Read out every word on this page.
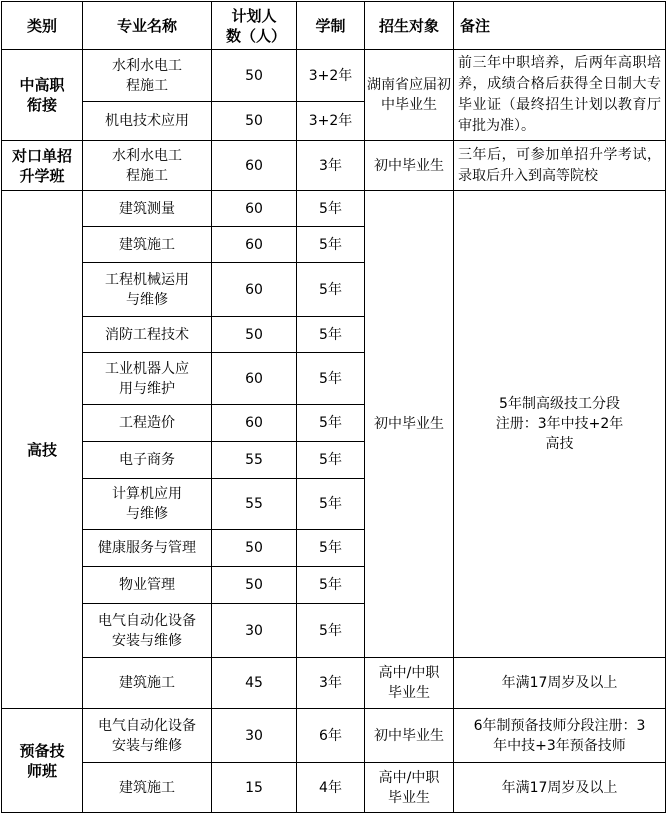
类别	专业名称	计划人数（人）	学制	招生对象	备注
中高职衔接	水利水电工程施工	50	3+2年	湖南省应届初中毕业生	前三年中职培养，后两年高职培养，成绩合格后获得全日制大专毕业证（最终招生计划以教育厅审批为准）。
	机电技术应用	50	3+2年		
对口单招升学班	水利水电工程施工	60	3年	初中毕业生	三年后，可参加单招升学考试，录取后升入到高等院校
高技	建筑测量	60	5年	初中毕业生	5年制高级技工分段注册：3年中技+2年高技
	建筑施工	60	5年		
	工程机械运用与维修	60	5年		
	消防工程技术	50	5年		
	工业机器人应用与维护	60	5年		
	工程造价	60	5年		
	电子商务	55	5年		
	计算机应用与维修	55	5年		
	健康服务与管理	50	5年		
	物业管理	50	5年		
	电气自动化设备安装与维修	30	5年		
	建筑施工	45	3年	高中/中职毕业生	年满17周岁及以上
预备技师班	电气自动化设备安装与维修	30	6年	初中毕业生	6年制预备技师分段注册：3年中技+3年预备技师
	建筑施工	15	4年	高中/中职毕业生	年满17周岁及以上
